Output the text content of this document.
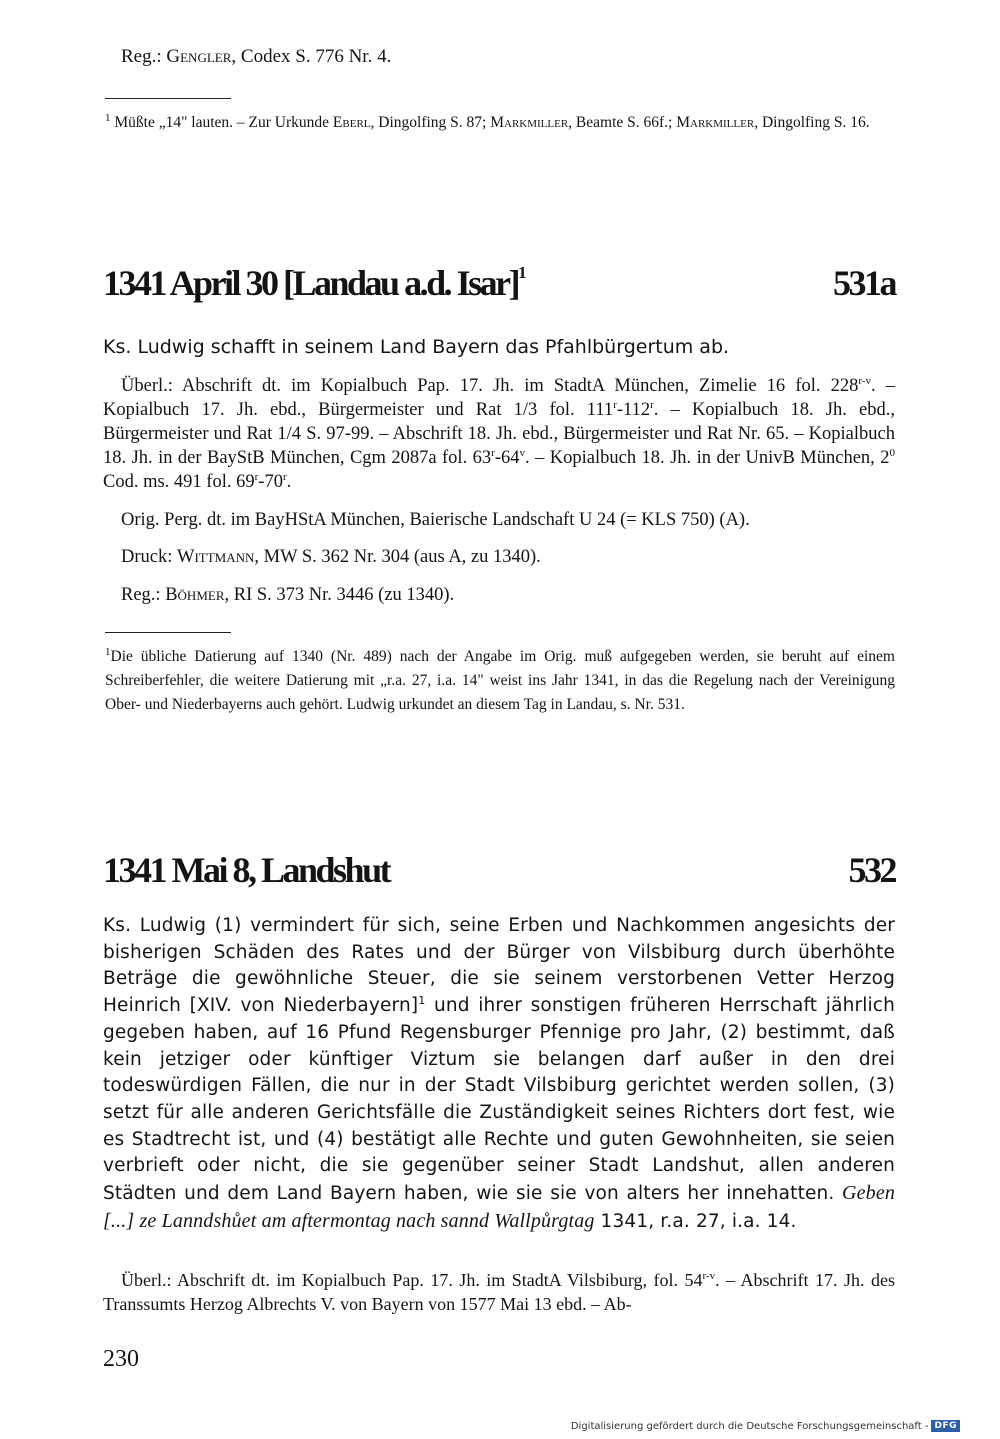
Reg.: Gengler, Codex S. 776 Nr. 4.
$^1$ Müßte „14" lauten. – Zur Urkunde Eberl, Dingolfing S. 87; Markmiller, Beamte S. 66f.; Markmiller, Dingolfing S. 16.
1341 April 30 [Landau a.d. Isar]$^1$	531a
Ks. Ludwig schafft in seinem Land Bayern das Pfahlbürgertum ab.
Überl.: Abschrift dt. im Kopialbuch Pap. 17. Jh. im StadtA München, Zimelie 16 fol. 228$^{r-v}$. – Kopialbuch 17. Jh. ebd., Bürgermeister und Rat 1/3 fol. 111$^r$-112$^r$. – Kopialbuch 18. Jh. ebd., Bürgermeister und Rat 1/4 S. 97-99. – Abschrift 18. Jh. ebd., Bürgermeister und Rat Nr. 65. – Kopialbuch 18. Jh. in der BayStB München, Cgm 2087a fol. 63$^r$-64$^v$. – Kopialbuch 18. Jh. in der UnivB München, $2^0$ Cod. ms. 491 fol. 69$^r$-70$^r$.
Orig. Perg. dt. im BayHStA München, Baierische Landschaft U 24 (= KLS 750) (A).
Druck: Wittmann, MW S. 362 Nr. 304 (aus A, zu 1340).
Reg.: Böhmer, RI S. 373 Nr. 3446 (zu 1340).
$^1$Die übliche Datierung auf 1340 (Nr. 489) nach der Angabe im Orig. muß aufgegeben werden, sie beruht auf einem Schreiberfehler, die weitere Datierung mit „r.a. 27, i.a. 14" weist ins Jahr 1341, in das die Regelung nach der Vereinigung Ober- und Niederbayerns auch gehört. Ludwig urkundet an diesem Tag in Landau, s. Nr. 531.
1341 Mai 8, Landshut	532
Ks. Ludwig (1) vermindert für sich, seine Erben und Nachkommen angesichts der bisherigen Schäden des Rates und der Bürger von Vilsbiburg durch überhöhte Beträge die gewöhnliche Steuer, die sie seinem verstorbenen Vetter Herzog Heinrich [XIV. von Niederbayern]$^1$ und ihrer sonstigen früheren Herrschaft jährlich gegeben haben, auf 16 Pfund Regensburger Pfennige pro Jahr, (2) bestimmt, daß kein jetziger oder künftiger Viztum sie belangen darf außer in den drei todeswürdigen Fällen, die nur in der Stadt Vilsbiburg gerichtet werden sollen, (3) setzt für alle anderen Gerichtsfälle die Zuständigkeit seines Richters dort fest, wie es Stadtrecht ist, und (4) bestätigt alle Rechte und guten Gewohnheiten, sie seien verbrieft oder nicht, die sie gegenüber seiner Stadt Landshut, allen anderen Städten und dem Land Bayern haben, wie sie sie von alters her innehatten. Geben [...] ze Lanndshůet am aftermontag nach sannd Wallpůrgtag 1341, r.a. 27, i.a. 14.
Überl.: Abschrift dt. im Kopialbuch Pap. 17. Jh. im StadtA Vilsbiburg, fol. 54$^{r-v}$. – Abschrift 17. Jh. des Transsumts Herzog Albrechts V. von Bayern von 1577 Mai 13 ebd. – Ab-
230
Digitalisierung gefördert durch die Deutsche Forschungsgemeinschaft - DFG
